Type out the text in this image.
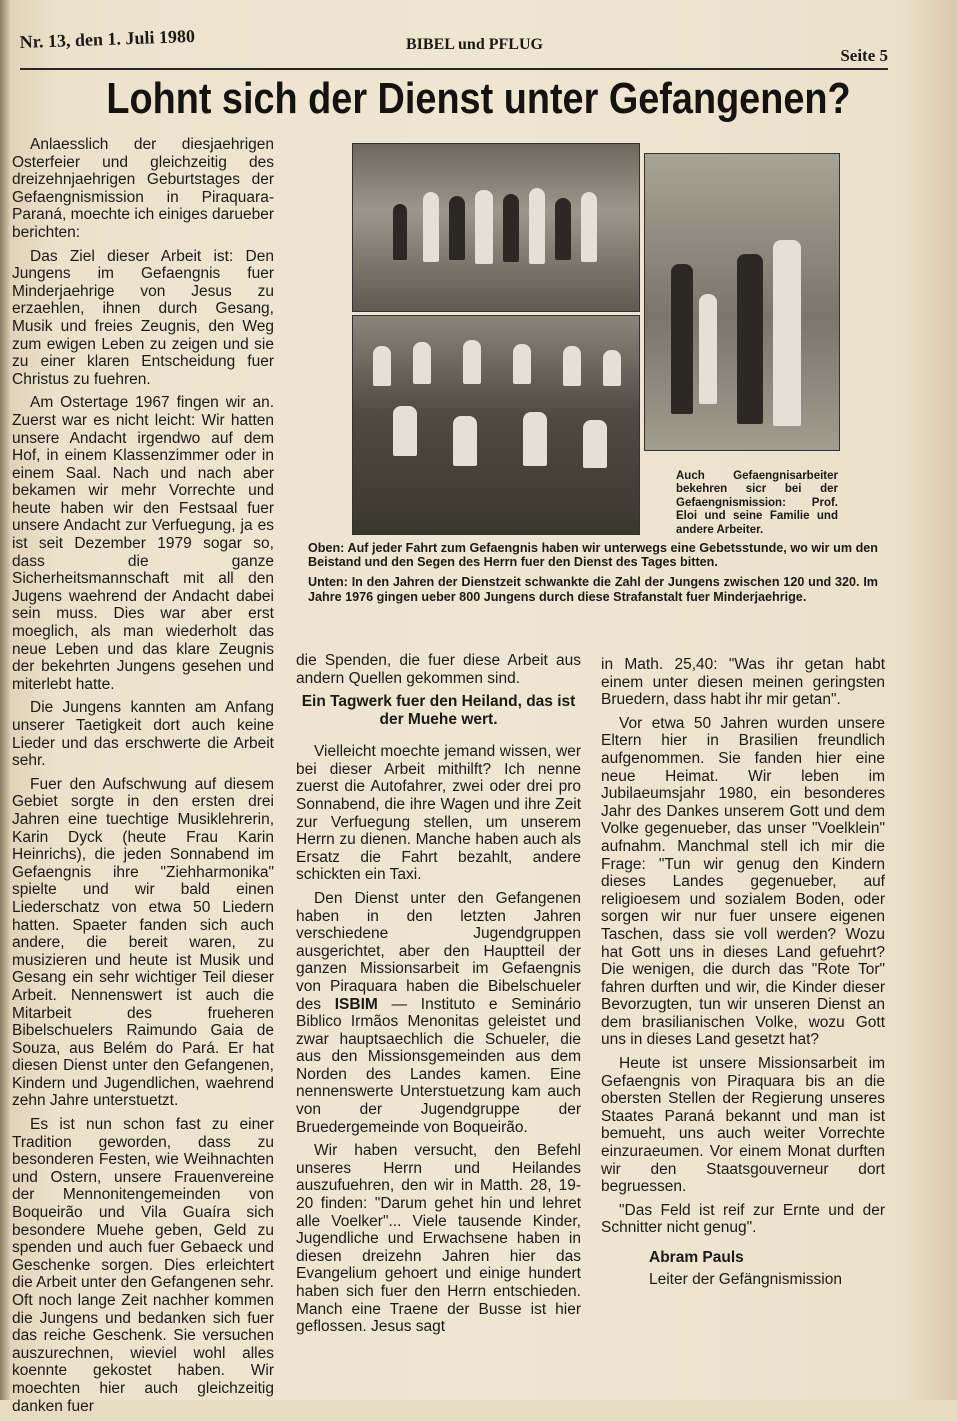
Nr. 13, den 1. Juli 1980	BIBEL und PFLUG
Seite 5
Lohnt sich der Dienst unter Gefangenen?

Anlaesslich der diesjaehrigen Osterfeier und gleichzeitig des dreizehnjaehrigen Geburtstages der Gefaengnismission in Piraquara-Paraná, moechte ich einiges darueber berichten:

Das Ziel dieser Arbeit ist: Den Jungens im Gefaengnis fuer Minderjaehrige von Jesus zu erzaehlen, ihnen durch Gesang, Musik und freies Zeugnis, den Weg zum ewigen Leben zu zeigen und sie zu einer klaren Entscheidung fuer Christus zu fuehren.

Am Ostertage 1967 fingen wir an. Zuerst war es nicht leicht: Wir hatten unsere Andacht irgendwo auf dem Hof, in einem Klassenzimmer oder in einem Saal. Nach und nach aber bekamen wir mehr Vorrechte und heute haben wir den Festsaal fuer unsere Andacht zur Verfuegung, ja es ist seit Dezember 1979 sogar so, dass die ganze Sicherheitsmannschaft mit all den Jugens waehrend der Andacht dabei sein muss. Dies war aber erst moeglich, als man wiederholt das neue Leben und das klare Zeugnis der bekehrten Jungens gesehen und miterlebt hatte.

Die Jungens kannten am Anfang unserer Taetigkeit dort auch keine Lieder und das erschwerte die Arbeit sehr.

Fuer den Aufschwung auf diesem Gebiet sorgte in den ersten drei Jahren eine tuechtige Musiklehrerin, Karin Dyck (heute Frau Karin Heinrichs), die jeden Sonnabend im Gefaengnis ihre "Ziehharmonika" spielte und wir bald einen Liederschatz von etwa 50 Liedern hatten. Spaeter fanden sich auch andere, die bereit waren, zu musizieren und heute ist Musik und Gesang ein sehr wichtiger Teil dieser Arbeit. Nennenswert ist auch die Mitarbeit des frueheren Bibelschuelers Raimundo Gaia de Souza, aus Belém do Pará. Er hat diesen Dienst unter den Gefangenen, Kindern und Jugendlichen, waehrend zehn Jahre unterstuetzt.

Es ist nun schon fast zu einer Tradition geworden, dass zu besonderen Festen, wie Weihnachten und Ostern, unsere Frauenvereine der Mennonitengemeinden von Boqueirão und Vila Guaíra sich besondere Muehe geben, Geld zu spenden und auch fuer Gebaeck und Geschenke sorgen. Dies erleichtert die Arbeit unter den Gefangenen sehr. Oft noch lange Zeit nachher kommen die Jungens und bedanken sich fuer das reiche Geschenk. Sie versuchen auszurechnen, wieviel wohl alles koennte gekostet haben. Wir moechten hier auch gleichzeitig danken fuer

Auch Gefaengnisarbeiter bekehren sicr bei der Gefaengnismission: Prof. Eloi und seine Familie und andere Arbeiter.

Oben: Auf jeder Fahrt zum Gefaengnis haben wir unterwegs eine Gebetsstunde, wo wir um den Beistand und den Segen des Herrn fuer den Dienst des Tages bitten.

Unten: In den Jahren der Dienstzeit schwankte die Zahl der Jungens zwischen 120 und 320. Im Jahre 1976 gingen ueber 800 Jungens durch diese Strafanstalt fuer Minderjaehrige.

die Spenden, die fuer diese Arbeit aus andern Quellen gekommen sind.

Ein Tagwerk fuer den Heiland, das ist der Muehe wert.

Vielleicht moechte jemand wissen, wer bei dieser Arbeit mithilft? Ich nenne zuerst die Autofahrer, zwei oder drei pro Sonnabend, die ihre Wagen und ihre Zeit zur Verfuegung stellen, um unserem Herrn zu dienen. Manche haben auch als Ersatz die Fahrt bezahlt, andere schickten ein Taxi.

Den Dienst unter den Gefangenen haben in den letzten Jahren verschiedene Jugendgruppen ausgerichtet, aber den Hauptteil der ganzen Missionsarbeit im Gefaengnis von Piraquara haben die Bibelschueler des ISBIM — Instituto e Seminário Biblico Irmãos Menonitas geleistet und zwar hauptsaechlich die Schueler, die aus den Missionsgemeinden aus dem Norden des Landes kamen. Eine nennenswerte Unterstuetzung kam auch von der Jugendgruppe der Bruedergemeinde von Boqueirão.

Wir haben versucht, den Befehl unseres Herrn und Heilandes auszufuehren, den wir in Matth. 28, 19-20 finden: "Darum gehet hin und lehret alle Voelker"... Viele tausende Kinder, Jugendliche und Erwachsene haben in diesen dreizehn Jahren hier das Evangelium gehoert und einige hundert haben sich fuer den Herrn entschieden. Manch eine Traene der Busse ist hier geflossen. Jesus sagt

in Math. 25,40: "Was ihr getan habt einem unter diesen meinen geringsten Bruedern, dass habt ihr mir getan".

Vor etwa 50 Jahren wurden unsere Eltern hier in Brasilien freundlich aufgenommen. Sie fanden hier eine neue Heimat. Wir leben im Jubilaeumsjahr 1980, ein besonderes Jahr des Dankes unserem Gott und dem Volke gegenueber, das unser "Voelklein" aufnahm. Manchmal stell ich mir die Frage: "Tun wir genug den Kindern dieses Landes gegenueber, auf religioesem und sozialem Boden, oder sorgen wir nur fuer unsere eigenen Taschen, dass sie voll werden? Wozu hat Gott uns in dieses Land gefuehrt? Die wenigen, die durch das "Rote Tor" fahren durften und wir, die Kinder dieser Bevorzugten, tun wir unseren Dienst an dem brasilianischen Volke, wozu Gott uns in dieses Land gesetzt hat?

Heute ist unsere Missionsarbeit im Gefaengnis von Piraquara bis an die obersten Stellen der Regierung unseres Staates Paraná bekannt und man ist bemueht, uns auch weiter Vorrechte einzuraeumen. Vor einem Monat durften wir den Staatsgouverneur dort begruessen.

"Das Feld ist reif zur Ernte und der Schnitter nicht genug".

Abram Pauls
Leiter der Gefängnismission
